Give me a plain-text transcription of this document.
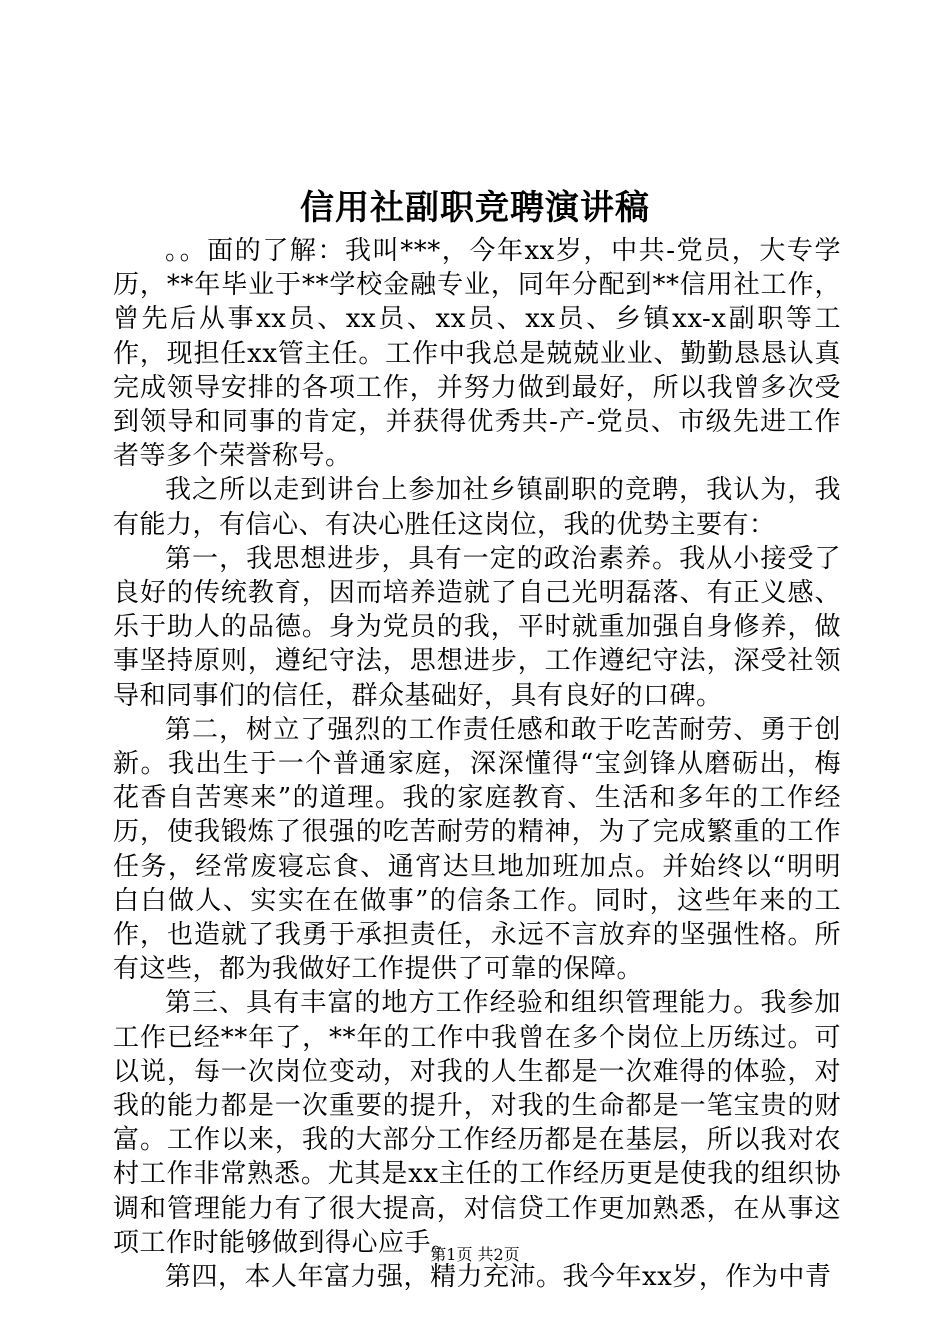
信用社副职竞聘演讲稿

。。面的了解：我叫***，今年xx岁，中共-党员，大专学历，**年毕业于**学校金融专业，同年分配到**信用社工作，曾先后从事xx员、xx员、xx员、xx员、乡镇xx-x副职等工作，现担任xx管主任。工作中我总是兢兢业业、勤勤恳恳认真完成领导安排的各项工作，并努力做到最好，所以我曾多次受到领导和同事的肯定，并获得优秀共-产-党员、市级先进工作者等多个荣誉称号。

我之所以走到讲台上参加社乡镇副职的竞聘，我认为，我有能力，有信心、有决心胜任这岗位，我的优势主要有：

第一，我思想进步，具有一定的政治素养。我从小接受了良好的传统教育，因而培养造就了自己光明磊落、有正义感、乐于助人的品德。身为党员的我，平时就重加强自身修养，做事坚持原则，遵纪守法，思想进步，工作遵纪守法，深受社领导和同事们的信任，群众基础好，具有良好的口碑。

第二，树立了强烈的工作责任感和敢于吃苦耐劳、勇于创新。我出生于一个普通家庭，深深懂得“宝剑锋从磨砺出，梅花香自苦寒来”的道理。我的家庭教育、生活和多年的工作经历，使我锻炼了很强的吃苦耐劳的精神，为了完成繁重的工作任务，经常废寝忘食、通宵达旦地加班加点。并始终以“明明白白做人、实实在在做事”的信条工作。同时，这些年来的工作，也造就了我勇于承担责任，永远不言放弃的坚强性格。所有这些，都为我做好工作提供了可靠的保障。

第三、具有丰富的地方工作经验和组织管理能力。我参加工作已经**年了，**年的工作中我曾在多个岗位上历练过。可以说，每一次岗位变动，对我的人生都是一次难得的体验，对我的能力都是一次重要的提升，对我的生命都是一笔宝贵的财富。工作以来，我的大部分工作经历都是在基层，所以我对农村工作非常熟悉。尤其是xx主任的工作经历更是使我的组织协调和管理能力有了很大提高，对信贷工作更加熟悉，在从事这项工作时能够做到得心应手。

第四，本人年富力强，精力充沛。我今年xx岁，作为中青

第1页 共2页
